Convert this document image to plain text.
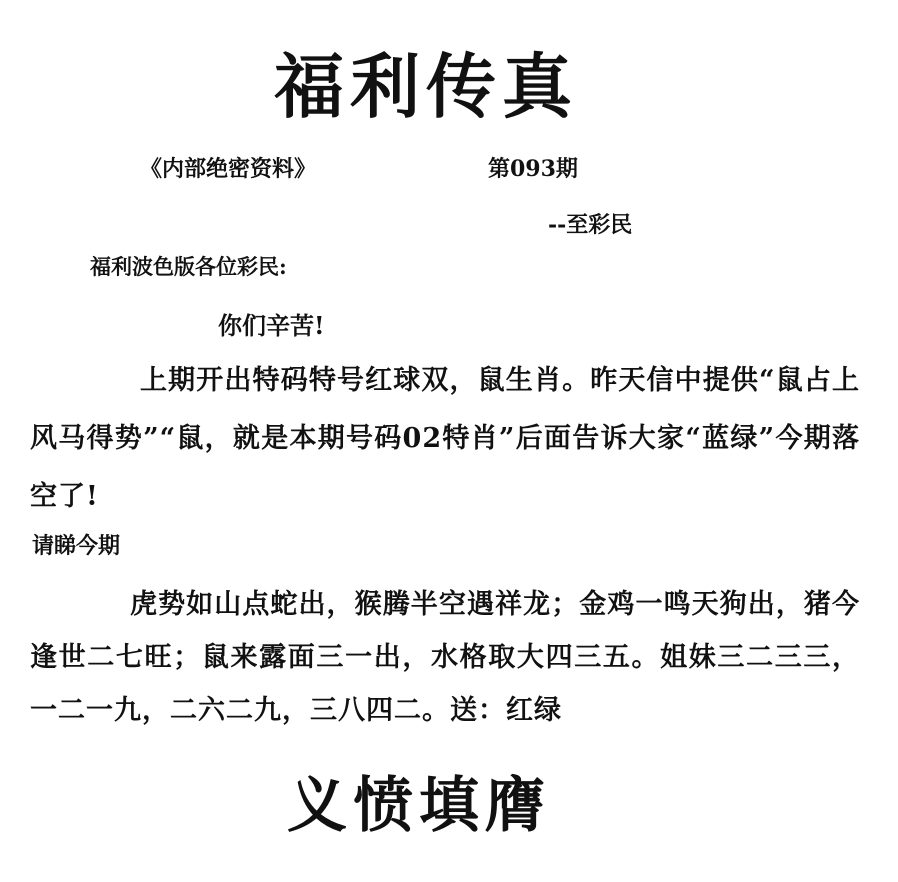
福利传真
《内部绝密资料》	第093期
--至彩民
福利波色版各位彩民:
你们辛苦!
上期开出特码特号红球双，鼠生肖。昨天信中提供“鼠占上风马得势”“鼠，就是本期号码02特肖”后面告诉大家“蓝绿”今期落空了!
请睇今期
虎势如山点蛇出，猴腾半空遇祥龙；金鸡一鸣天狗出，猪今逢世二七旺；鼠来露面三一出，水格取大四三五。姐妹三二三三，一二一九，二六二九，三八四二。送：红绿
义愤填膺
